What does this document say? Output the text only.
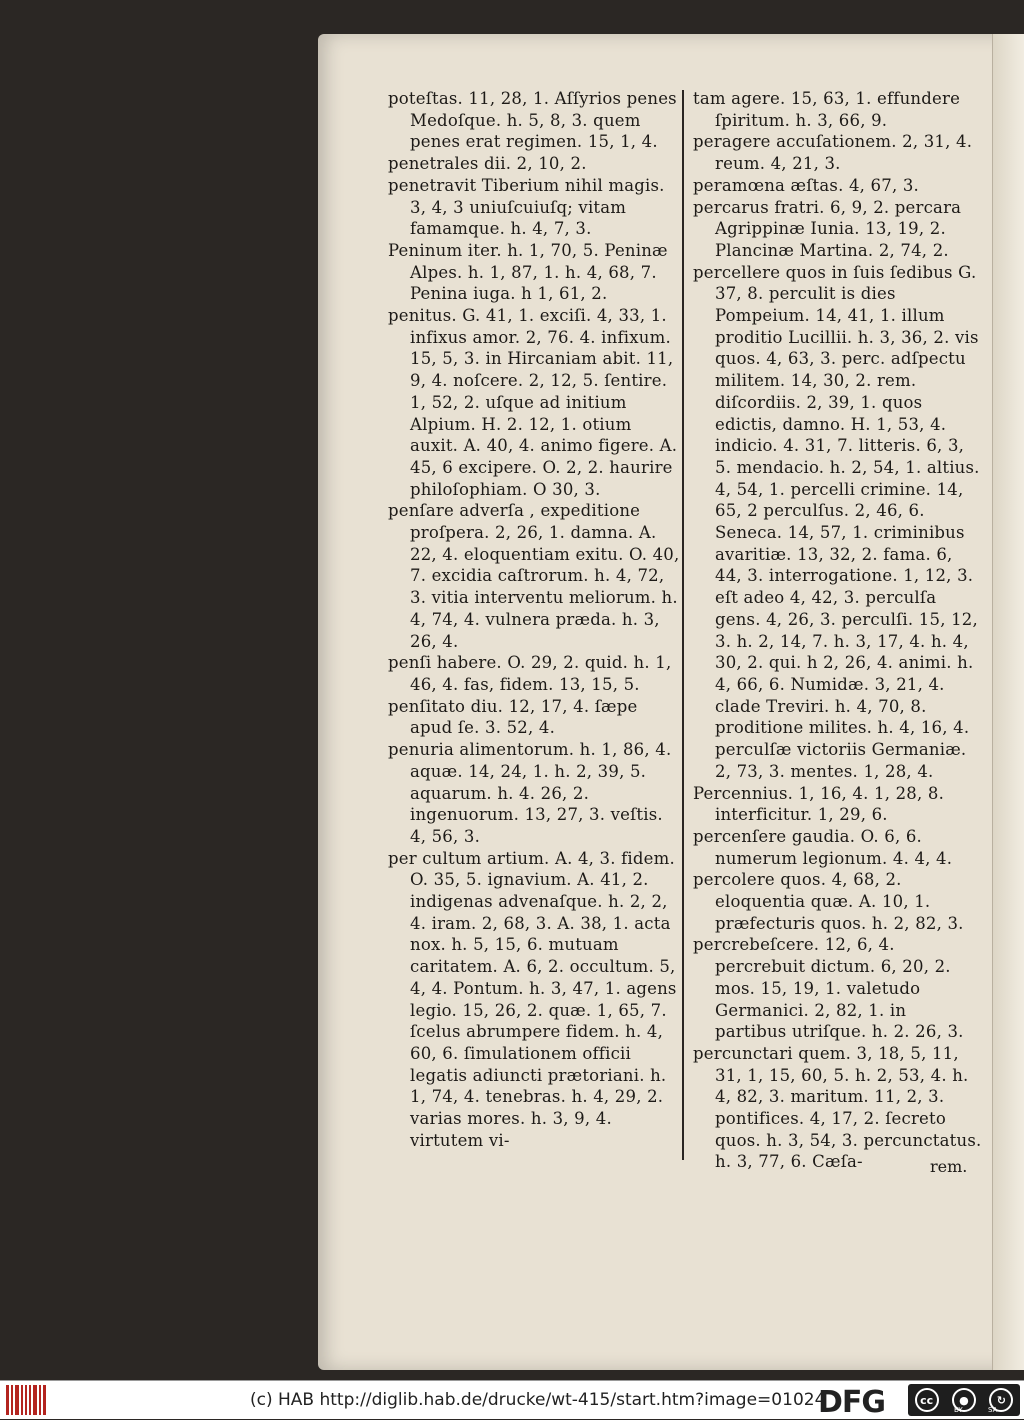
poteſtas. 11, 28, 1. Aſſyrios penes Medoſque. h. 5, 8, 3. quem penes erat regimen. 15, 1, 4.
penetrales dii. 2, 10, 2.
penetravit Tiberium nihil magis. 3, 4, 3 uniuſcuiuſq; vitam famamque. h. 4, 7, 3.
Peninum iter. h. 1, 70, 5. Peninæ Alpes. h. 1, 87, 1. h. 4, 68, 7. Penina iuga. h 1, 61, 2.
penitus. G. 41, 1. exciſi. 4, 33, 1. infixus amor. 2, 76. 4. infixum. 15, 5, 3. in Hircaniam abit. 11, 9, 4. noſcere. 2, 12, 5. ſentire. 1, 52, 2. uſque ad initium Alpium. H. 2. 12, 1. otium auxit. A. 40, 4. animo figere. A. 45, 6 excipere. O. 2, 2. haurire philoſophiam. O 30, 3.
penſare adverſa , expeditione proſpera. 2, 26, 1. damna. A. 22, 4. eloquentiam exitu. O. 40, 7. excidia caſtrorum. h. 4, 72, 3. vitia interventu meliorum. h. 4, 74, 4. vulnera præda. h. 3, 26, 4.
penſi habere. O. 29, 2. quid. h. 1, 46, 4. fas, fidem. 13, 15, 5.
penſitato diu. 12, 17, 4. ſæpe apud ſe. 3. 52, 4.
penuria alimentorum. h. 1, 86, 4. aquæ. 14, 24, 1. h. 2, 39, 5. aquarum. h. 4. 26, 2. ingenuorum. 13, 27, 3. veſtis. 4, 56, 3.
per cultum artium. A. 4, 3. fidem. O. 35, 5. ignavium. A. 41, 2. indigenas advenaſque. h. 2, 2, 4. iram. 2, 68, 3. A. 38, 1. acta nox. h. 5, 15, 6. mutuam caritatem. A. 6, 2. occultum. 5, 4, 4. Pontum. h. 3, 47, 1. agens legio. 15, 26, 2. quæ. 1, 65, 7. ſcelus abrumpere fidem. h. 4, 60, 6. ſimulationem officii legatis adiuncti prætoriani. h. 1, 74, 4. tenebras. h. 4, 29, 2. varias mores. h. 3, 9, 4. virtutem vi-
tam agere. 15, 63, 1. effundere ſpiritum. h. 3, 66, 9.
peragere accuſationem. 2, 31, 4. reum. 4, 21, 3.
peramœna æſtas. 4, 67, 3.
percarus fratri. 6, 9, 2. percara Agrippinæ Iunia. 13, 19, 2. Plancinæ Martina. 2, 74, 2.
percellere quos in ſuis ſedibus G. 37, 8. perculit is dies Pompeium. 14, 41, 1. illum proditio Lucillii. h. 3, 36, 2. vis quos. 4, 63, 3. perc. adſpectu militem. 14, 30, 2. rem. diſcordiis. 2, 39, 1. quos edictis, damno. H. 1, 53, 4. indicio. 4. 31, 7. litteris. 6, 3, 5. mendacio. h. 2, 54, 1. altius. 4, 54, 1. percelli crimine. 14, 65, 2 perculſus. 2, 46, 6. Seneca. 14, 57, 1. criminibus avaritiæ. 13, 32, 2. fama. 6, 44, 3. interrogatione. 1, 12, 3. eſt adeo 4, 42, 3. perculſa gens. 4, 26, 3. perculſi. 15, 12, 3. h. 2, 14, 7. h. 3, 17, 4. h. 4, 30, 2. qui. h 2, 26, 4. animi. h. 4, 66, 6. Numidæ. 3, 21, 4. clade Treviri. h. 4, 70, 8. proditione milites. h. 4, 16, 4. perculſæ victoriis Germaniæ. 2, 73, 3. mentes. 1, 28, 4.
Percennius. 1, 16, 4. 1, 28, 8. interficitur. 1, 29, 6.
percenſere gaudia. O. 6, 6. numerum legionum. 4. 4, 4.
percolere quos. 4, 68, 2. eloquentia quæ. A. 10, 1. præfecturis quos. h. 2, 82, 3.
percrebeſcere. 12, 6, 4. percrebuit dictum. 6, 20, 2. mos. 15, 19, 1. valetudo Germanici. 2, 82, 1. in partibus utriſque. h. 2. 26, 3.
percunctari quem. 3, 18, 5, 11, 31, 1, 15, 60, 5. h. 2, 53, 4. h. 4, 82, 3. maritum. 11, 2, 3. pontifices. 4, 17, 2. ſecreto quos. h. 3, 54, 3. percunctatus. h. 3, 77, 6. Cæſa-	rem.
(c) HAB http://diglib.hab.de/drucke/wt-415/start.htm?image=01024
DFG	cc	●	↻
BY	SA
